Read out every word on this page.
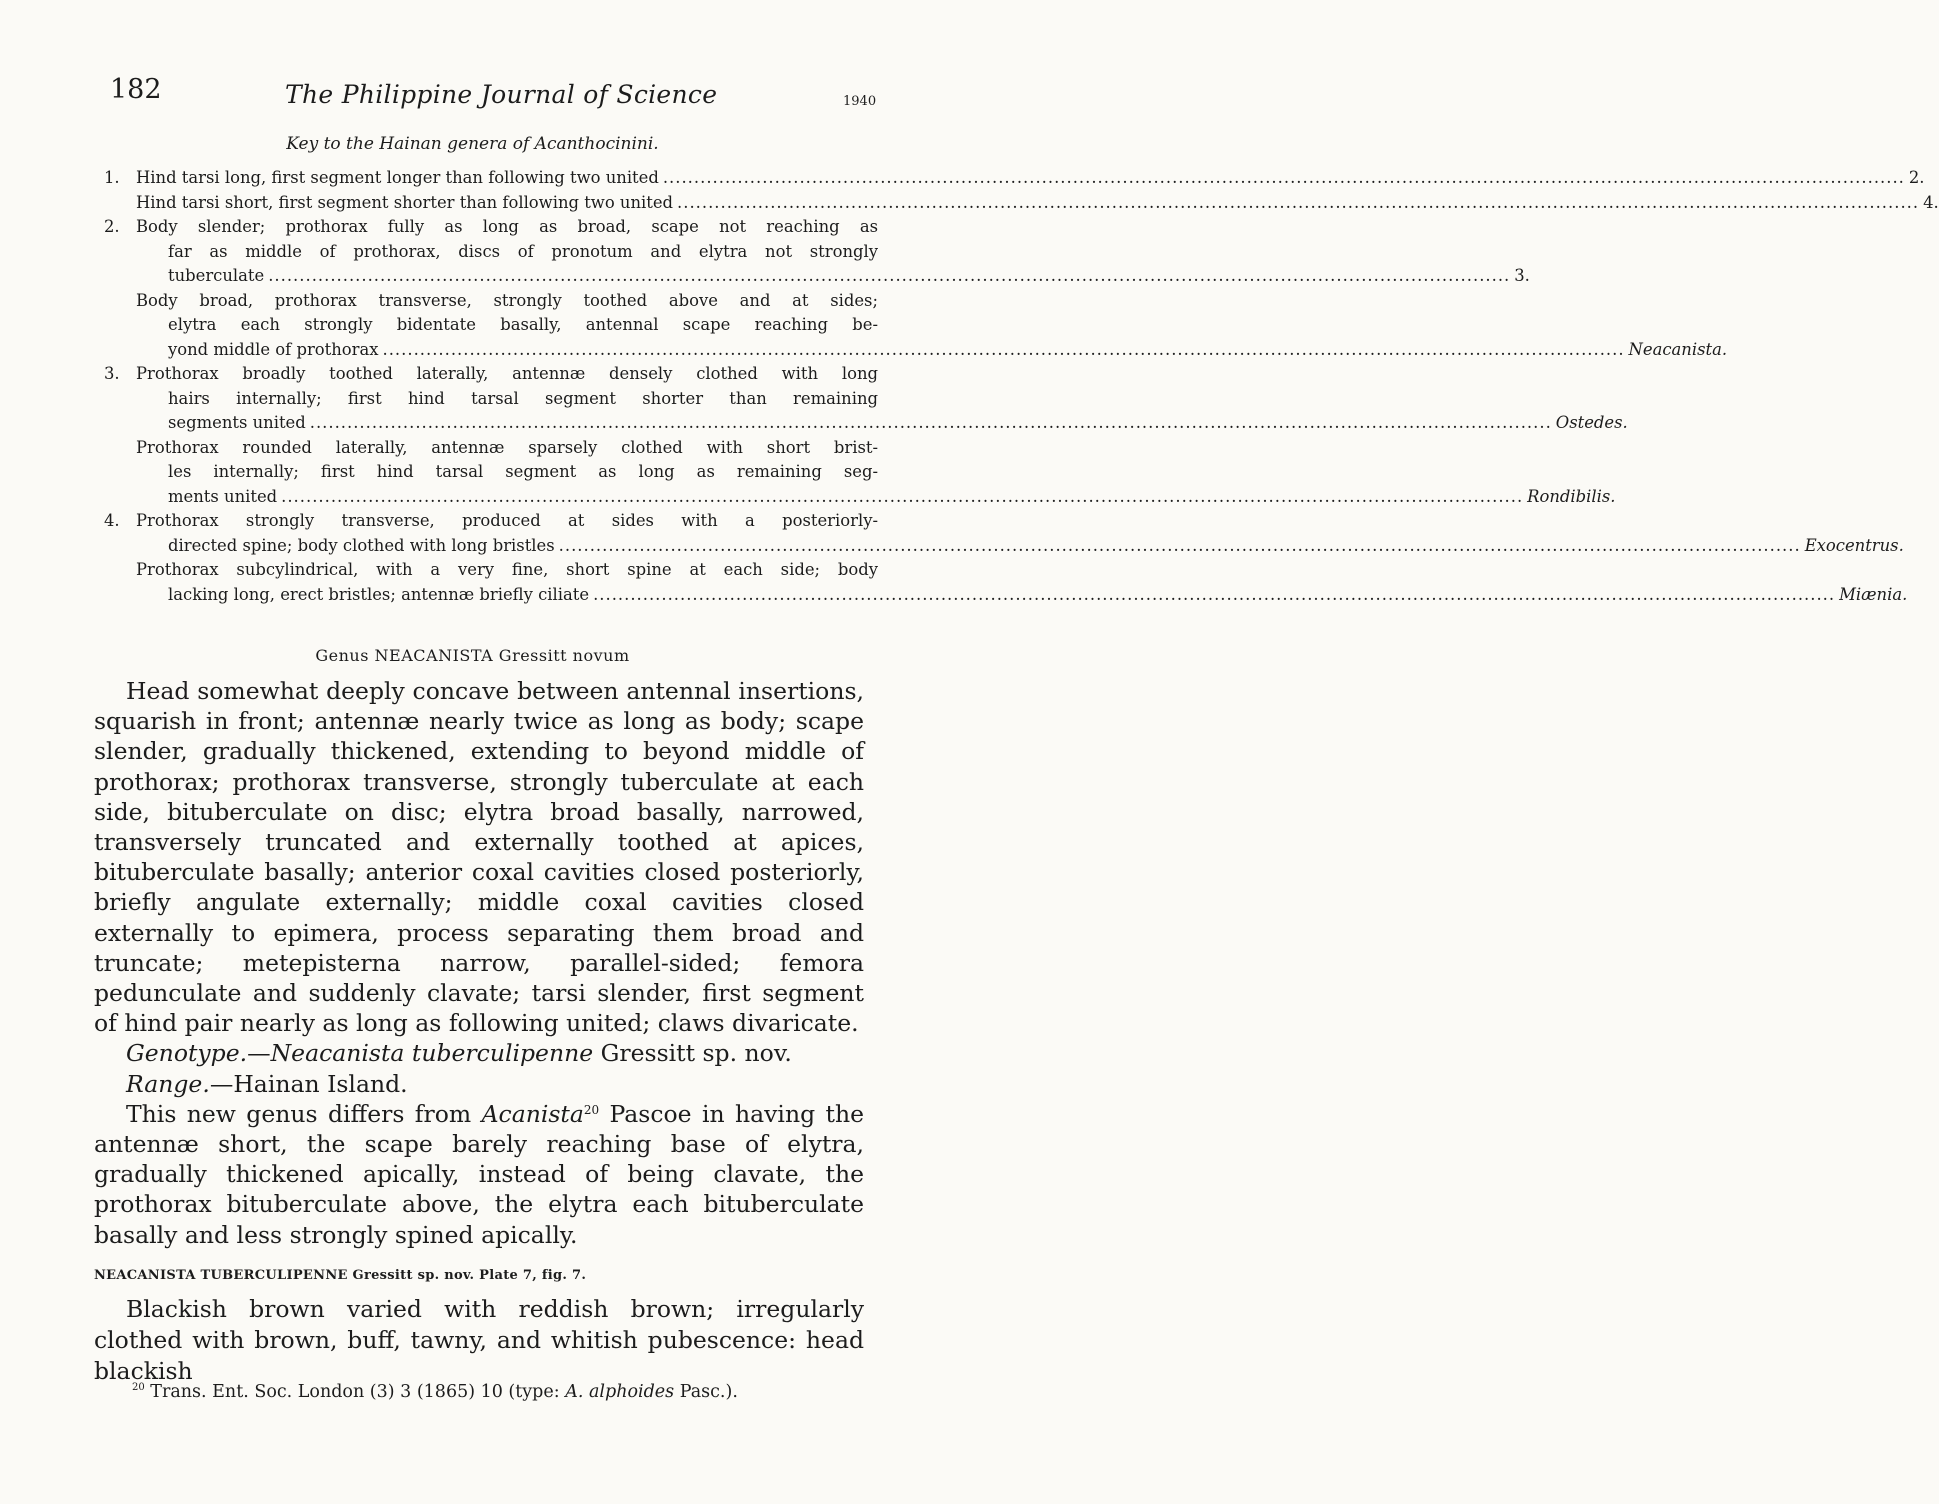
182	The Philippine Journal of Science	1940
Key to the Hainan genera of Acanthocinini.
1. Hind tarsi long, first segment longer than following two united ........................................................................................................................................................................................................ 2.
Hind tarsi short, first segment shorter than following two united ........................................................................................................................................................................................................ 4.
2. Body slender; prothorax fully as long as broad, scape not reaching as
far as middle of prothorax, discs of pronotum and elytra not strongly
tuberculate ........................................................................................................................................................................................................ 3.
Body broad, prothorax transverse, strongly toothed above and at sides;
elytra each strongly bidentate basally, antennal scape reaching be-
yond middle of prothorax ........................................................................................................................................................................................................ Neacanista.
3. Prothorax broadly toothed laterally, antennæ densely clothed with long
hairs internally; first hind tarsal segment shorter than remaining
segments united ........................................................................................................................................................................................................ Ostedes.
Prothorax rounded laterally, antennæ sparsely clothed with short brist-
les internally; first hind tarsal segment as long as remaining seg-
ments united ........................................................................................................................................................................................................ Rondibilis.
4. Prothorax strongly transverse, produced at sides with a posteriorly-
directed spine; body clothed with long bristles ........................................................................................................................................................................................................ Exocentrus.
Prothorax subcylindrical, with a very fine, short spine at each side; body
lacking long, erect bristles; antennæ briefly ciliate ........................................................................................................................................................................................................ Miænia.
Genus NEACANISTA Gressitt novum

Head somewhat deeply concave between antennal insertions, squarish in front; antennæ nearly twice as long as body; scape slender, gradually thickened, extending to beyond middle of prothorax; prothorax transverse, strongly tuberculate at each side, bituberculate on disc; elytra broad basally, narrowed, transversely truncated and externally toothed at apices, bituberculate basally; anterior coxal cavities closed posteriorly, briefly angulate externally; middle coxal cavities closed externally to epimera, process separating them broad and truncate; metepisterna narrow, parallel-sided; femora pedunculate and suddenly clavate; tarsi slender, first segment of hind pair nearly as long as following united; claws divaricate.

Genotype.—Neacanista tuberculipenne Gressitt sp. nov.

Range.—Hainan Island.

This new genus differs from Acanista$^{20}$ Pascoe in having the antennæ short, the scape barely reaching base of elytra, gradually thickened apically, instead of being clavate, the prothorax bituberculate above, the elytra each bituberculate basally and less strongly spined apically.

NEACANISTA TUBERCULIPENNE Gressitt sp. nov. Plate 7, fig. 7.

Blackish brown varied with reddish brown; irregularly clothed with brown, buff, tawny, and whitish pubescence: head blackish

$^{20}$ Trans. Ent. Soc. London (3) 3 (1865) 10 (type: A. alphoides Pasc.).
